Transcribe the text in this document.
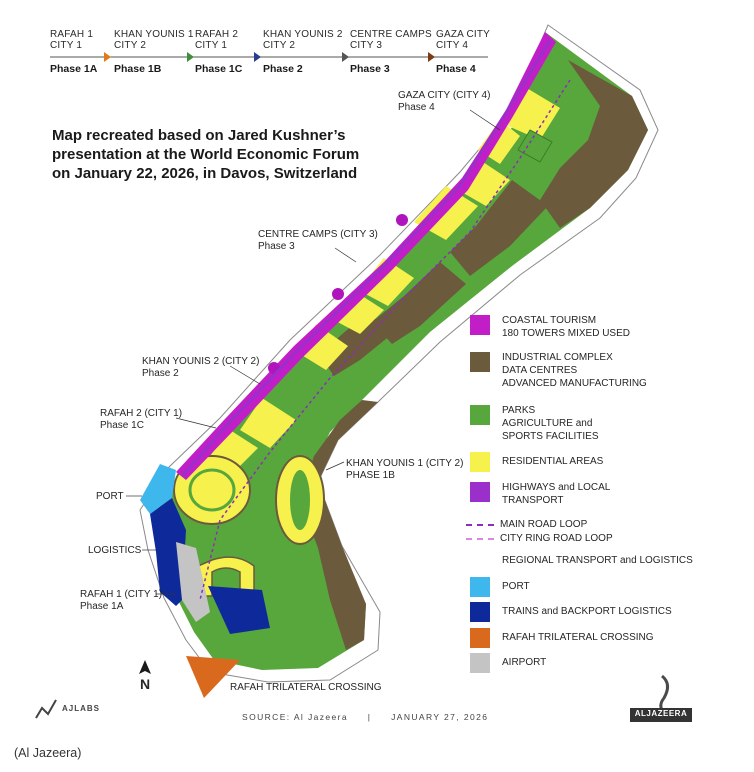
RAFAH 1
CITY 1
Phase 1A
KHAN YOUNIS 1
CITY 2
Phase 1B
RAFAH 2
CITY 1
Phase 1C
KHAN YOUNIS 2
CITY 2
Phase 2
CENTRE CAMPS
CITY 3
Phase 3
GAZA CITY
CITY 4
Phase 4
Map recreated based on Jared Kushner’s
presentation at the World Economic Forum
on January 22, 2026, in Davos, Switzerland
GAZA CITY (CITY 4)
Phase 4
CENTRE CAMPS (CITY 3)
Phase 3
KHAN YOUNIS 2 (CITY 2)
Phase 2
RAFAH 2 (CITY 1)
Phase 1C
KHAN YOUNIS 1 (CITY 2)
PHASE 1B
PORT
LOGISTICS
RAFAH 1 (CITY 1)
Phase 1A
RAFAH TRILATERAL CROSSING
N
COASTAL TOURISM
180 TOWERS MIXED USED
INDUSTRIAL COMPLEX
DATA CENTRES
ADVANCED MANUFACTURING
PARKS
AGRICULTURE and
SPORTS FACILITIES
RESIDENTIAL AREAS
HIGHWAYS and LOCAL
TRANSPORT
MAIN ROAD LOOP
CITY RING ROAD LOOP
REGIONAL TRANSPORT and LOGISTICS
PORT
TRAINS and BACKPORT LOGISTICS
RAFAH TRILATERAL CROSSING
AIRPORT
AJLABS
SOURCE: Al Jazeera | JANUARY 27, 2026	ALJAZEERA
(Al Jazeera)
